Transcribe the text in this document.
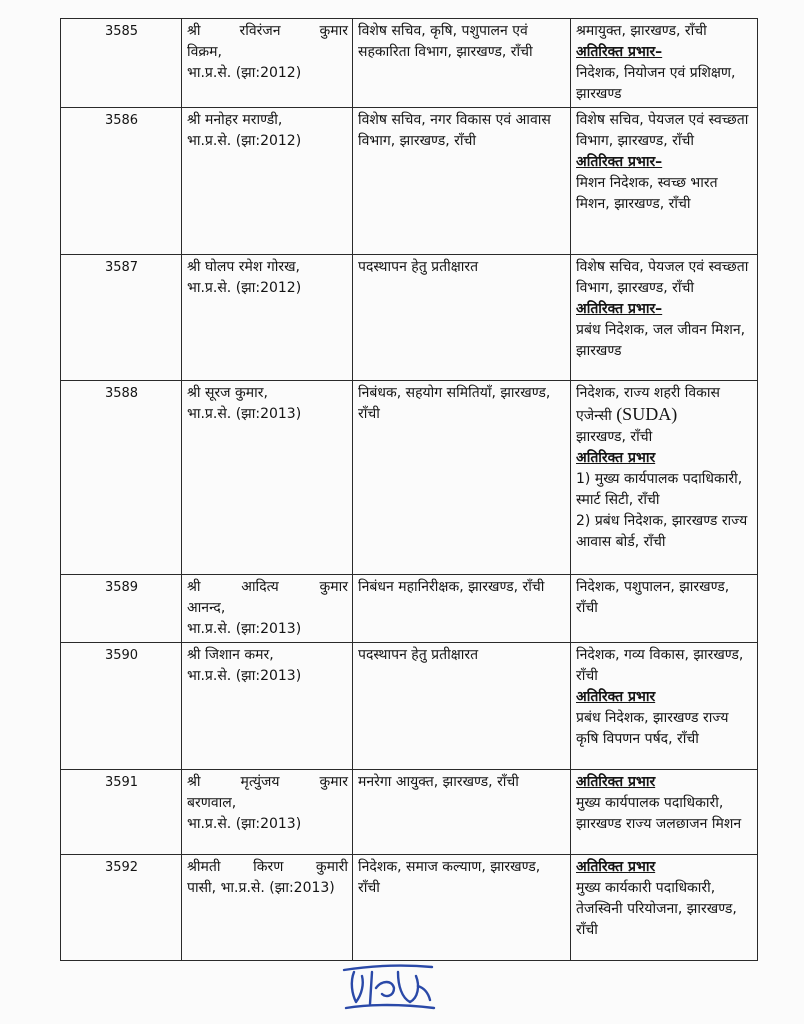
3585	श्री रविरंजन कुमार
विक्रम,
भा.प्र.से. (झा:2012)	विशेष सचिव, कृषि, पशुपालन एवं सहकारिता विभाग, झारखण्ड, राँची	श्रमायुक्त, झारखण्ड, राँची
अतिरिक्त प्रभार–
निदेशक, नियोजन एवं प्रशिक्षण, झारखण्ड

3586	श्री मनोहर मराण्डी,
भा.प्र.से. (झा:2012)	विशेष सचिव, नगर विकास एवं आवास विभाग, झारखण्ड, राँची	विशेष सचिव, पेयजल एवं स्वच्छता विभाग, झारखण्ड, राँची
अतिरिक्त प्रभार–
मिशन निदेशक, स्वच्छ भारत मिशन, झारखण्ड, राँची

3587	श्री घोलप रमेश गोरख,
भा.प्र.से. (झा:2012)	पदस्थापन हेतु प्रतीक्षारत	विशेष सचिव, पेयजल एवं स्वच्छता विभाग, झारखण्ड, राँची
अतिरिक्त प्रभार–
प्रबंध निदेशक, जल जीवन मिशन, झारखण्ड

3588	श्री सूरज कुमार,
भा.प्र.से. (झा:2013)	निबंधक, सहयोग समितियाँ, झारखण्ड, राँची	निदेशक, राज्य शहरी विकास एजेन्सी (SUDA)
झारखण्ड, राँची
अतिरिक्त प्रभार
1) मुख्य कार्यपालक पदाधिकारी, स्मार्ट सिटी, राँची
2) प्रबंध निदेशक, झारखण्ड राज्य आवास बोर्ड, राँची

3589	श्री आदित्य कुमार
आनन्द,
भा.प्र.से. (झा:2013)	निबंधन महानिरीक्षक, झारखण्ड, राँची	निदेशक, पशुपालन, झारखण्ड, राँची

3590	श्री जिशान कमर,
भा.प्र.से. (झा:2013)	पदस्थापन हेतु प्रतीक्षारत	निदेशक, गव्य विकास, झारखण्ड, राँची
अतिरिक्त प्रभार
प्रबंध निदेशक, झारखण्ड राज्य कृषि विपणन पर्षद, राँची

3591	श्री मृत्युंजय कुमार
बरणवाल,
भा.प्र.से. (झा:2013)	मनरेगा आयुक्त, झारखण्ड, राँची	अतिरिक्त प्रभार
मुख्य कार्यपालक पदाधिकारी, झारखण्ड राज्य जलछाजन मिशन

3592	श्रीमती किरण कुमारी
पासी, भा.प्र.से. (झा:2013)	निदेशक, समाज कल्याण, झारखण्ड, राँची	अतिरिक्त प्रभार
मुख्य कार्यकारी पदाधिकारी, तेजस्विनी परियोजना, झारखण्ड, राँची
